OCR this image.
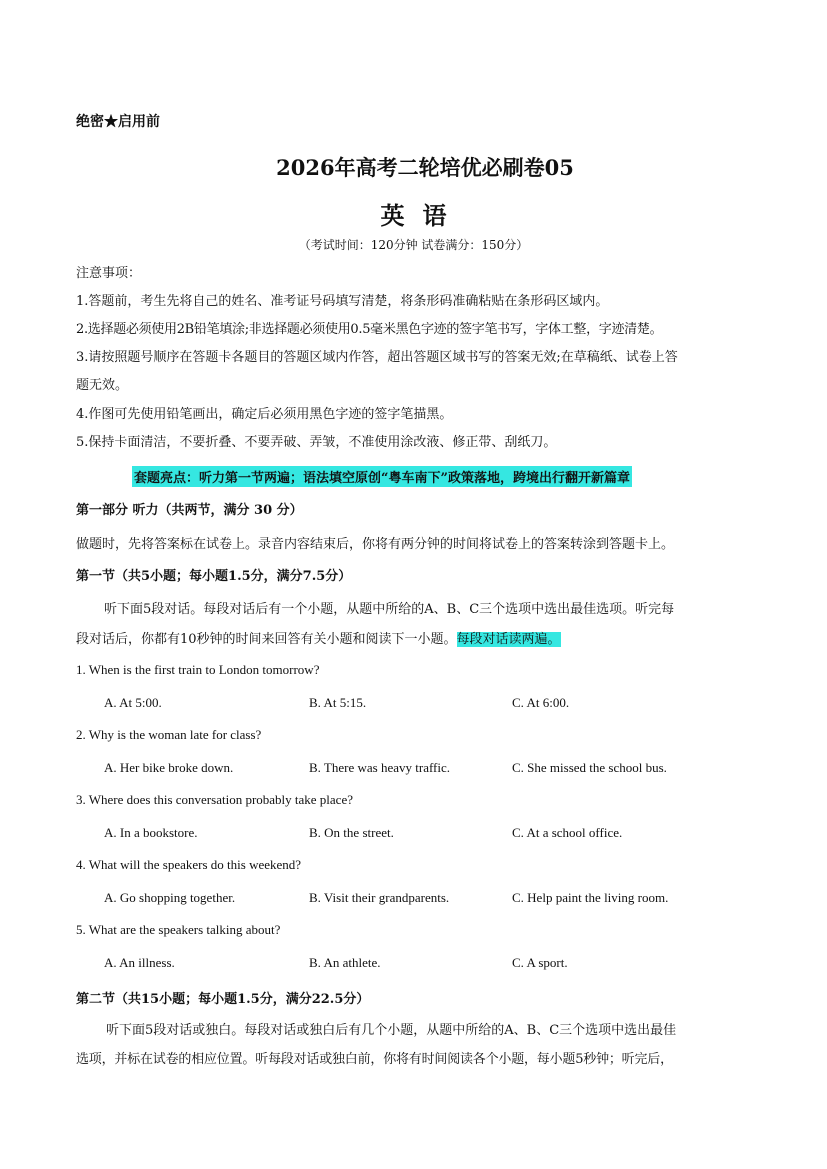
绝密★启用前
2026年高考二轮培优必刷卷05
英语
（考试时间：120分钟 试卷满分：150分）
注意事项：
1.答题前，考生先将自己的姓名、准考证号码填写清楚，将条形码准确粘贴在条形码区域内。
2.选择题必须使用2B铅笔填涂;非选择题必须使用0.5毫米黑色字迹的签字笔书写，字体工整，字迹清楚。
3.请按照题号顺序在答题卡各题目的答题区域内作答，超出答题区域书写的答案无效;在草稿纸、试卷上答
题无效。
4.作图可先使用铅笔画出，确定后必须用黑色字迹的签字笔描黑。
5.保持卡面清洁，不要折叠、不要弄破、弄皱，不准使用涂改液、修正带、刮纸刀。
套题亮点：听力第一节两遍；语法填空原创“粤车南下”政策落地，跨境出行翻开新篇章
第一部分 听力（共两节，满分 30 分）
做题时，先将答案标在试卷上。录音内容结束后，你将有两分钟的时间将试卷上的答案转涂到答题卡上。
第一节（共5小题；每小题1.5分，满分7.5分）
听下面5段对话。每段对话后有一个小题，从题中所给的A、B、C三个选项中选出最佳选项。听完每
段对话后，你都有10秒钟的时间来回答有关小题和阅读下一小题。每段对话读两遍。
1. When is the first train to London tomorrow?
A. At 5:00.	B. At 5:15.	C. At 6:00.
2. Why is the woman late for class?
A. Her bike broke down.	B. There was heavy traffic.	C. She missed the school bus.
3. Where does this conversation probably take place?
A. In a bookstore.	B. On the street.	C. At a school office.
4. What will the speakers do this weekend?
A. Go shopping together.	B. Visit their grandparents.	C. Help paint the living room.
5. What are the speakers talking about?
A. An illness.	B. An athlete.	C. A sport.
第二节（共15小题；每小题1.5分，满分22.5分）
听下面5段对话或独白。每段对话或独白后有几个小题，从题中所给的A、B、C三个选项中选出最佳
选项，并标在试卷的相应位置。听每段对话或独白前，你将有时间阅读各个小题，每小题5秒钟；听完后，
